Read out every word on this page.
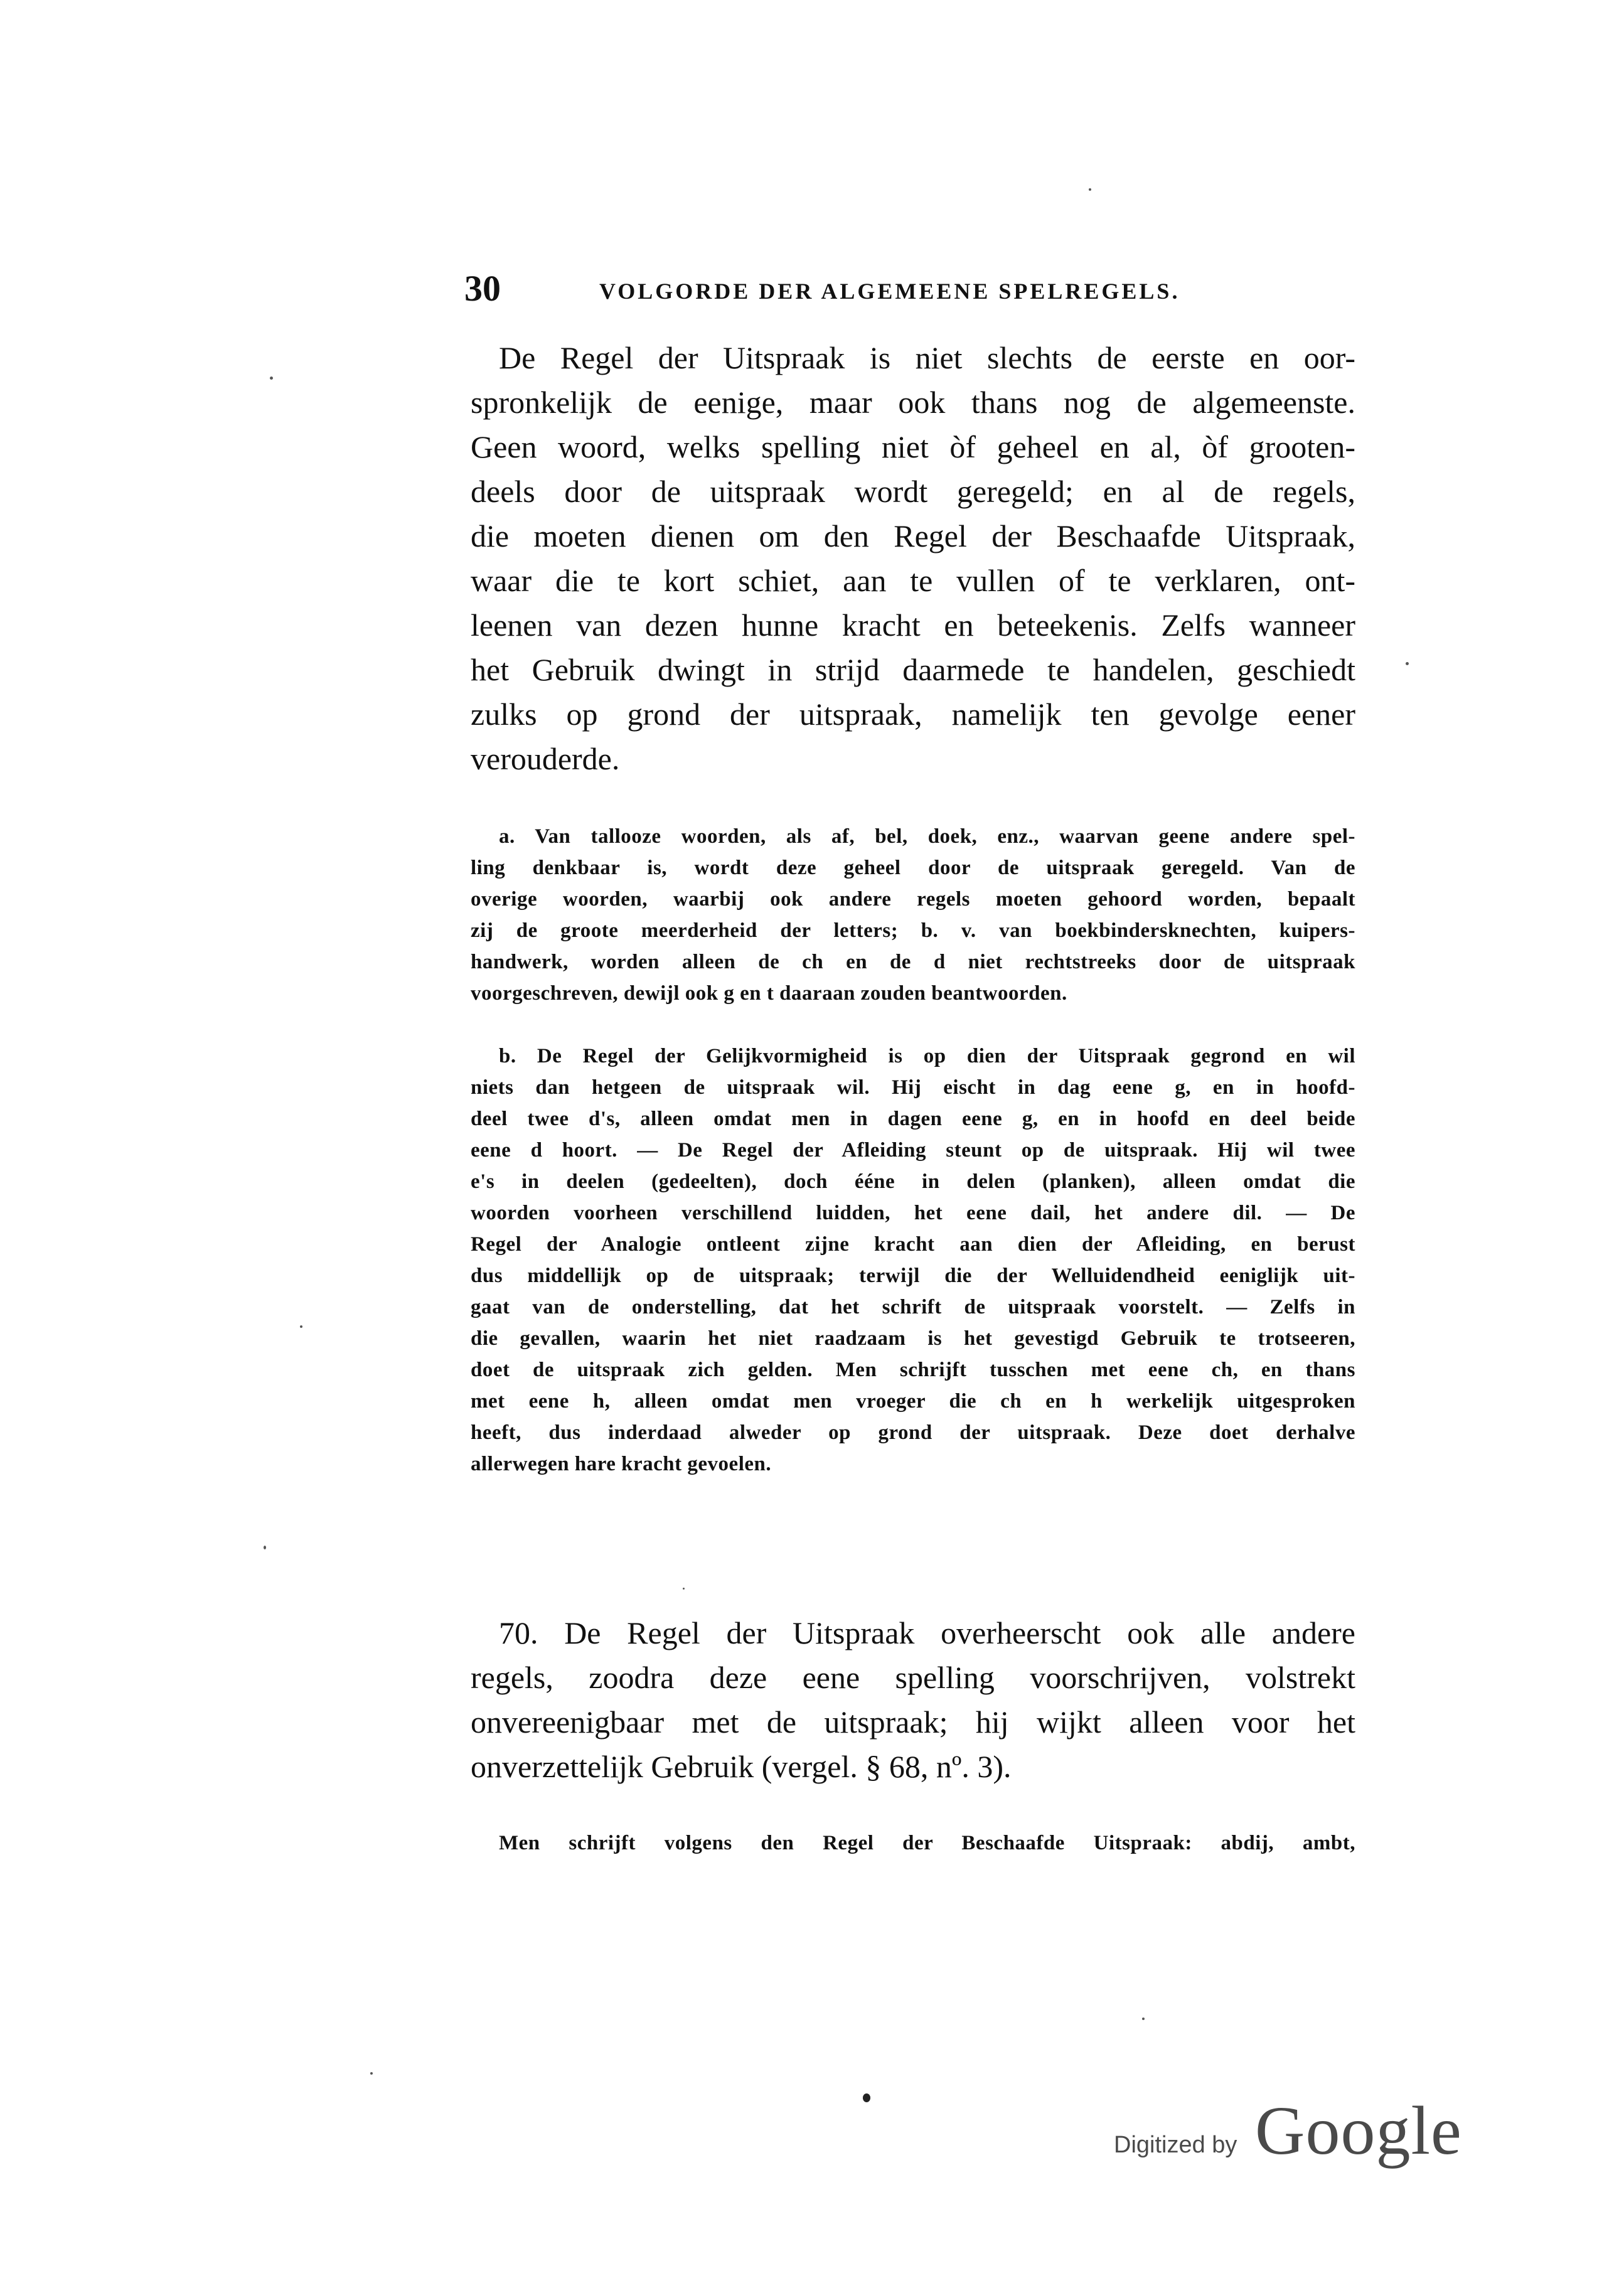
30	VOLGORDE DER ALGEMEENE SPELREGELS.
De Regel der Uitspraak is niet slechts de eerste en oor-
spronkelijk de eenige, maar ook thans nog de algemeenste.
Geen woord, welks spelling niet òf geheel en al, òf grooten-
deels door de uitspraak wordt geregeld; en al de regels,
die moeten dienen om den Regel der Beschaafde Uitspraak,
waar die te kort schiet, aan te vullen of te verklaren, ont-
leenen van dezen hunne kracht en beteekenis. Zelfs wanneer
het Gebruik dwingt in strijd daarmede te handelen, geschiedt
zulks op grond der uitspraak, namelijk ten gevolge eener
verouderde.
a. Van tallooze woorden, als af, bel, doek, enz., waarvan geene andere spel-
ling denkbaar is, wordt deze geheel door de uitspraak geregeld. Van de
overige woorden, waarbij ook andere regels moeten gehoord worden, bepaalt
zij de groote meerderheid der letters; b. v. van boekbindersknechten, kuipers-
handwerk, worden alleen de ch en de d niet rechtstreeks door de uitspraak
voorgeschreven, dewijl ook g en t daaraan zouden beantwoorden.
b. De Regel der Gelijkvormigheid is op dien der Uitspraak gegrond en wil
niets dan hetgeen de uitspraak wil. Hij eischt in dag eene g, en in hoofd-
deel twee d's, alleen omdat men in dagen eene g, en in hoofd en deel beide
eene d hoort. — De Regel der Afleiding steunt op de uitspraak. Hij wil twee
e's in deelen (gedeelten), doch ééne in delen (planken), alleen omdat die
woorden voorheen verschillend luidden, het eene dail, het andere dil. — De
Regel der Analogie ontleent zijne kracht aan dien der Afleiding, en berust
dus middellijk op de uitspraak; terwijl die der Welluidendheid eeniglijk uit-
gaat van de onderstelling, dat het schrift de uitspraak voorstelt. — Zelfs in
die gevallen, waarin het niet raadzaam is het gevestigd Gebruik te trotseeren,
doet de uitspraak zich gelden. Men schrijft tusschen met eene ch, en thans
met eene h, alleen omdat men vroeger die ch en h werkelijk uitgesproken
heeft, dus inderdaad alweder op grond der uitspraak. Deze doet derhalve
allerwegen hare kracht gevoelen.
70. De Regel der Uitspraak overheerscht ook alle andere
regels, zoodra deze eene spelling voorschrijven, volstrekt
onvereenigbaar met de uitspraak; hij wijkt alleen voor het
onverzettelijk Gebruik (vergel. § 68, nº. 3).
Men schrijft volgens den Regel der Beschaafde Uitspraak: abdij, ambt,
Digitized by Google
